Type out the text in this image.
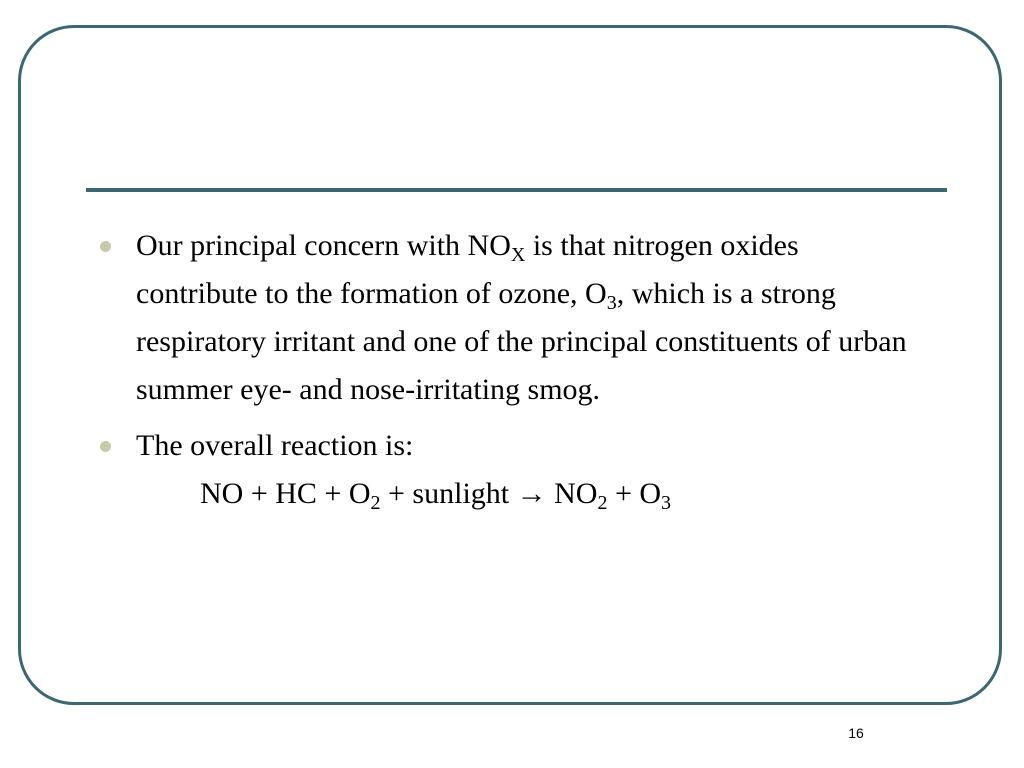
Our principal concern with $NO_X$ is that nitrogen oxides contribute to the formation of ozone, $O_3$, which is a strong respiratory irritant and one of the principal constituents of urban summer eye- and nose-irritating smog.
The overall reaction is:
NO + HC + $O_2$ + sunlight → $NO_2 + O_3$
16
